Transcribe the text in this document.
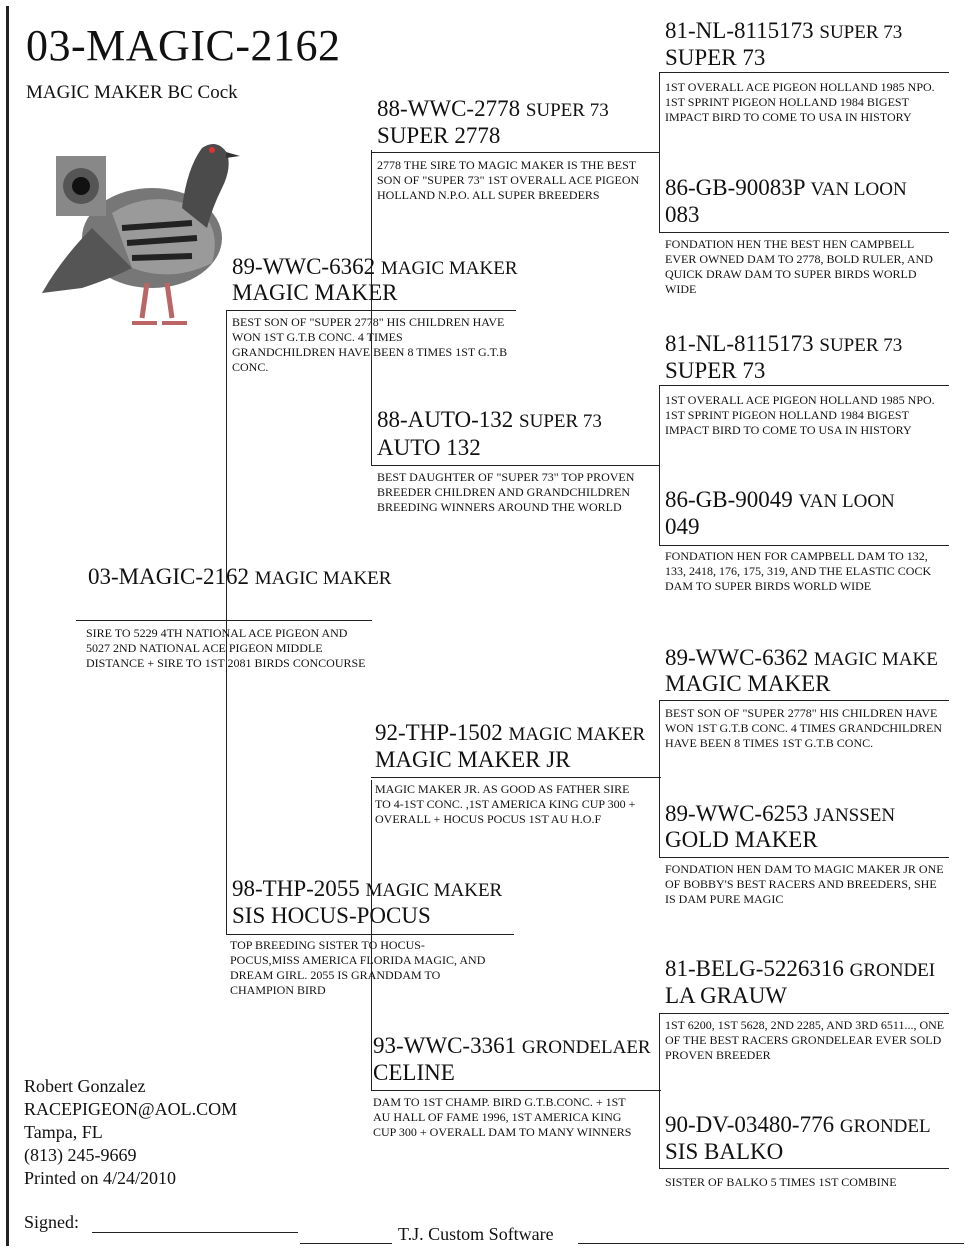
03-MAGIC-2162
MAGIC MAKER BC Cock
03-MAGIC-2162 MAGIC MAKER
SIRE TO 5229 4TH NATIONAL ACE PIGEON AND 5027 2ND NATIONAL ACE PIGEON MIDDLE DISTANCE + SIRE TO 1ST 2081 BIRDS CONCOURSE
89-WWC-6362 MAGIC MAKER
MAGIC MAKER
BEST SON OF "SUPER 2778" HIS CHILDREN HAVE WON 1ST G.T.B CONC. 4 TIMES GRANDCHILDREN HAVE BEEN 8 TIMES 1ST G.T.B CONC.
98-THP-2055 MAGIC MAKER
SIS HOCUS-POCUS
TOP BREEDING SISTER TO HOCUS-POCUS,MISS AMERICA FLORIDA MAGIC, AND DREAM GIRL. 2055 IS GRANDDAM TO CHAMPION BIRD
88-WWC-2778 SUPER 73
SUPER 2778
2778 THE SIRE TO MAGIC MAKER IS THE BEST SON OF "SUPER 73" 1ST OVERALL ACE PIGEON HOLLAND N.P.O. ALL SUPER BREEDERS
88-AUTO-132 SUPER 73
AUTO 132
BEST DAUGHTER OF "SUPER 73" TOP PROVEN BREEDER CHILDREN AND GRANDCHILDREN BREEDING WINNERS AROUND THE WORLD
92-THP-1502 MAGIC MAKER
MAGIC MAKER JR
MAGIC MAKER JR. AS GOOD AS FATHER SIRE TO 4-1ST CONC. ,1ST AMERICA KING CUP 300 + OVERALL + HOCUS POCUS 1ST AU H.O.F
93-WWC-3361 GRONDELAER
CELINE
DAM TO 1ST CHAMP. BIRD G.T.B.CONC. + 1ST AU HALL OF FAME 1996, 1ST AMERICA KING CUP 300 + OVERALL DAM TO MANY WINNERS
81-NL-8115173 SUPER 73
SUPER 73
1ST OVERALL ACE PIGEON HOLLAND 1985 NPO. 1ST SPRINT PIGEON HOLLAND 1984 BIGEST IMPACT BIRD TO COME TO USA IN HISTORY
86-GB-90083P VAN LOON
083
FONDATION HEN THE BEST HEN CAMPBELL EVER OWNED DAM TO 2778, BOLD RULER, AND QUICK DRAW DAM TO SUPER BIRDS WORLD WIDE
81-NL-8115173 SUPER 73
SUPER 73
1ST OVERALL ACE PIGEON HOLLAND 1985 NPO. 1ST SPRINT PIGEON HOLLAND 1984 BIGEST IMPACT BIRD TO COME TO USA IN HISTORY
86-GB-90049 VAN LOON
049
FONDATION HEN FOR CAMPBELL DAM TO 132, 133, 2418, 176, 175, 319, AND THE ELASTIC COCK DAM TO SUPER BIRDS WORLD WIDE
89-WWC-6362 MAGIC MAKE
MAGIC MAKER
BEST SON OF "SUPER 2778" HIS CHILDREN HAVE WON 1ST G.T.B CONC. 4 TIMES GRANDCHILDREN HAVE BEEN 8 TIMES 1ST G.T.B CONC.
89-WWC-6253 JANSSEN
GOLD MAKER
FONDATION HEN DAM TO MAGIC MAKER JR ONE OF BOBBY'S BEST RACERS AND BREEDERS, SHE IS DAM PURE MAGIC
81-BELG-5226316 GRONDEI
LA GRAUW
1ST 6200, 1ST 5628, 2ND 2285, AND 3RD 6511..., ONE OF THE BEST RACERS GRONDELEAR EVER SOLD PROVEN BREEDER
90-DV-03480-776 GRONDEL
SIS BALKO
SISTER OF BALKO 5 TIMES 1ST COMBINE
Robert Gonzalez
RACEPIGEON@AOL.COM
Tampa, FL
(813) 245-9669
Printed on 4/24/2010
Signed:
T.J. Custom Software
